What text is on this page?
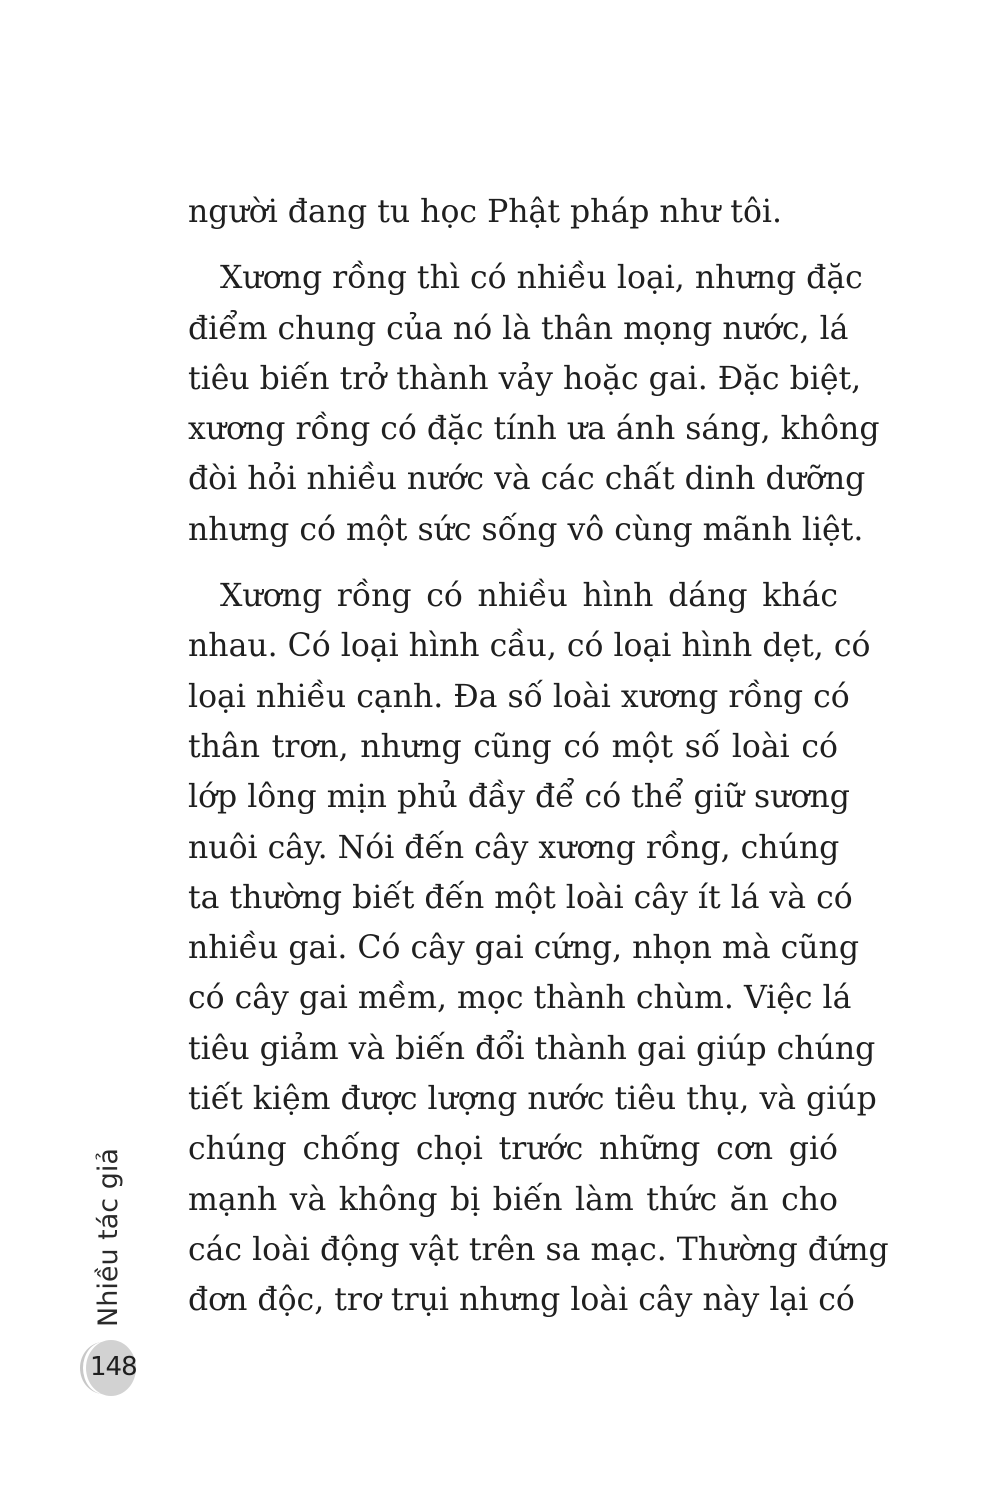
người đang tu học Phật pháp như tôi.
Xương rồng thì có nhiều loại, nhưng đặc
điểm chung của nó là thân mọng nước, lá
tiêu biến trở thành vảy hoặc gai. Đặc biệt,
xương rồng có đặc tính ưa ánh sáng, không
đòi hỏi nhiều nước và các chất dinh dưỡng
nhưng có một sức sống vô cùng mãnh liệt.
Xương rồng có nhiều hình dáng khác
nhau. Có loại hình cầu, có loại hình dẹt, có
loại nhiều cạnh. Đa số loài xương rồng có
thân trơn, nhưng cũng có một số loài có
lớp lông mịn phủ đầy để có thể giữ sương
nuôi cây. Nói đến cây xương rồng, chúng
ta thường biết đến một loài cây ít lá và có
nhiều gai. Có cây gai cứng, nhọn mà cũng
có cây gai mềm, mọc thành chùm. Việc lá
tiêu giảm và biến đổi thành gai giúp chúng
tiết kiệm được lượng nước tiêu thụ, và giúp
chúng chống chọi trước những cơn gió
mạnh và không bị biến làm thức ăn cho
các loài động vật trên sa mạc. Thường đứng
đơn độc, trơ trụi nhưng loài cây này lại có
Nhiều tác giả
148
